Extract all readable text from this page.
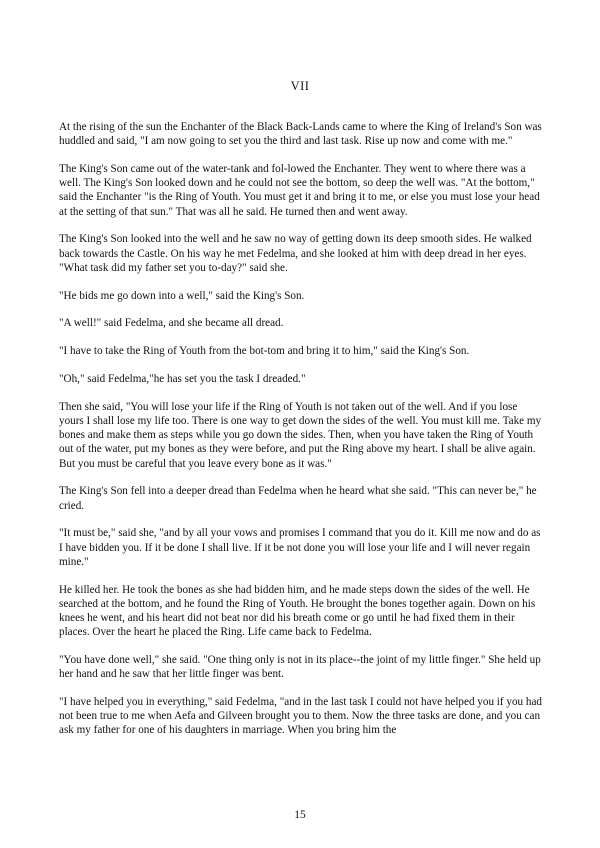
VII

At the rising of the sun the Enchanter of the Black Back-Lands came to where the King of Ireland's Son was huddled and said, "I am now going to set you the third and last task. Rise up now and come with me."

The King's Son came out of the water-tank and fol-lowed the Enchanter. They went to where there was a well. The King's Son looked down and he could not see the bottom, so deep the well was. "At the bottom," said the Enchanter "is the Ring of Youth. You must get it and bring it to me, or else you must lose your head at the setting of that sun." That was all he said. He turned then and went away.

The King's Son looked into the well and he saw no way of getting down its deep smooth sides. He walked back towards the Castle. On his way he met Fedelma, and she looked at him with deep dread in her eyes. "What task did my father set you to-day?" said she.

"He bids me go down into a well," said the King's Son.

"A well!" said Fedelma, and she became all dread.

"I have to take the Ring of Youth from the bot-tom and bring it to him," said the King's Son.

"Oh," said Fedelma,"he has set you the task I dreaded."

Then she said, "You will lose your life if the Ring of Youth is not taken out of the well. And if you lose yours I shall lose my life too. There is one way to get down the sides of the well. You must kill me. Take my bones and make them as steps while you go down the sides. Then, when you have taken the Ring of Youth out of the water, put my bones as they were before, and put the Ring above my heart. I shall be alive again. But you must be careful that you leave every bone as it was."

The King's Son fell into a deeper dread than Fedelma when he heard what she said. "This can never be," he cried.

"It must be," said she, "and by all your vows and promises I command that you do it. Kill me now and do as I have bidden you. If it be done I shall live. If it be not done you will lose your life and I will never regain mine."

He killed her. He took the bones as she had bidden him, and he made steps down the sides of the well. He searched at the bottom, and he found the Ring of Youth. He brought the bones together again. Down on his knees he went, and his heart did not beat nor did his breath come or go until he had fixed them in their places. Over the heart he placed the Ring. Life came back to Fedelma.

"You have done well," she said. "One thing only is not in its place--the joint of my little finger." She held up her hand and he saw that her little finger was bent.

"I have helped you in everything," said Fedelma, "and in the last task I could not have helped you if you had not been true to me when Aefa and Gilveen brought you to them. Now the three tasks are done, and you can ask my father for one of his daughters in marriage. When you bring him the

15
